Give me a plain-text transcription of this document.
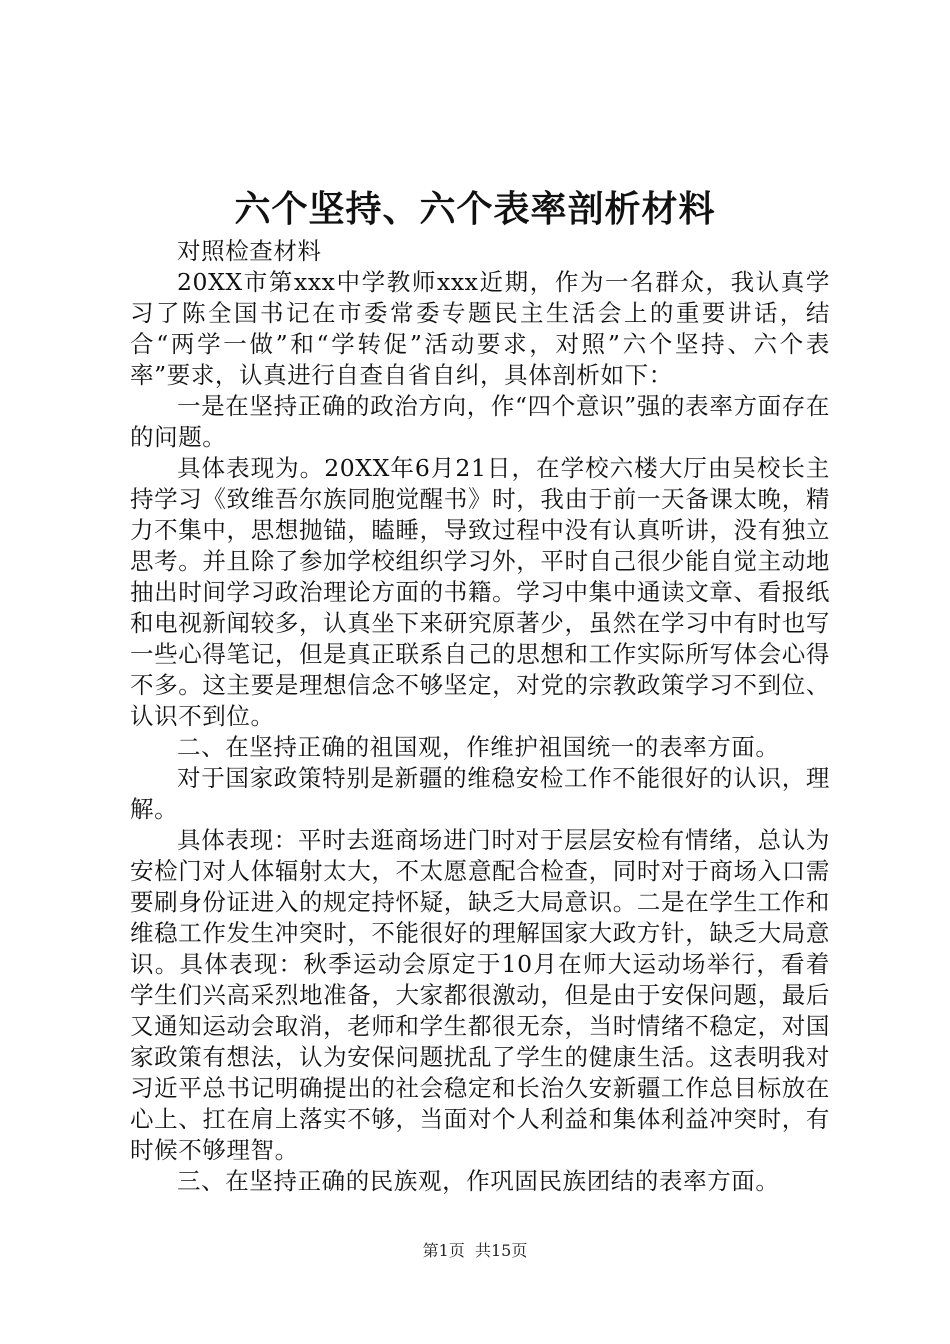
六个坚持、六个表率剖析材料

对照检查材料

20XX市第xxx中学教师xxx近期，作为一名群众，我认真学习了陈全国书记在市委常委专题民主生活会上的重要讲话，结合“两学一做”和“学转促”活动要求，对照”六个坚持、六个表率”要求，认真进行自查自省自纠，具体剖析如下：

一是在坚持正确的政治方向，作“四个意识”强的表率方面存在的问题。

具体表现为。20XX年6月21日，在学校六楼大厅由吴校长主持学习《致维吾尔族同胞觉醒书》时，我由于前一天备课太晚，精力不集中，思想抛锚，瞌睡，导致过程中没有认真听讲，没有独立思考。并且除了参加学校组织学习外，平时自己很少能自觉主动地抽出时间学习政治理论方面的书籍。学习中集中通读文章、看报纸和电视新闻较多，认真坐下来研究原著少，虽然在学习中有时也写一些心得笔记，但是真正联系自己的思想和工作实际所写体会心得不多。这主要是理想信念不够坚定，对党的宗教政策学习不到位、认识不到位。

二、在坚持正确的祖国观，作维护祖国统一的表率方面。

对于国家政策特别是新疆的维稳安检工作不能很好的认识，理解。

具体表现：平时去逛商场进门时对于层层安检有情绪，总认为安检门对人体辐射太大，不太愿意配合检查，同时对于商场入口需要刷身份证进入的规定持怀疑，缺乏大局意识。二是在学生工作和维稳工作发生冲突时，不能很好的理解国家大政方针，缺乏大局意识。具体表现：秋季运动会原定于10月在师大运动场举行，看着学生们兴高采烈地准备，大家都很激动，但是由于安保问题，最后又通知运动会取消，老师和学生都很无奈，当时情绪不稳定，对国家政策有想法，认为安保问题扰乱了学生的健康生活。这表明我对习近平总书记明确提出的社会稳定和长治久安新疆工作总目标放在心上、扛在肩上落实不够，当面对个人利益和集体利益冲突时，有时候不够理智。

三、在坚持正确的民族观，作巩固民族团结的表率方面。

第1页  共15页
